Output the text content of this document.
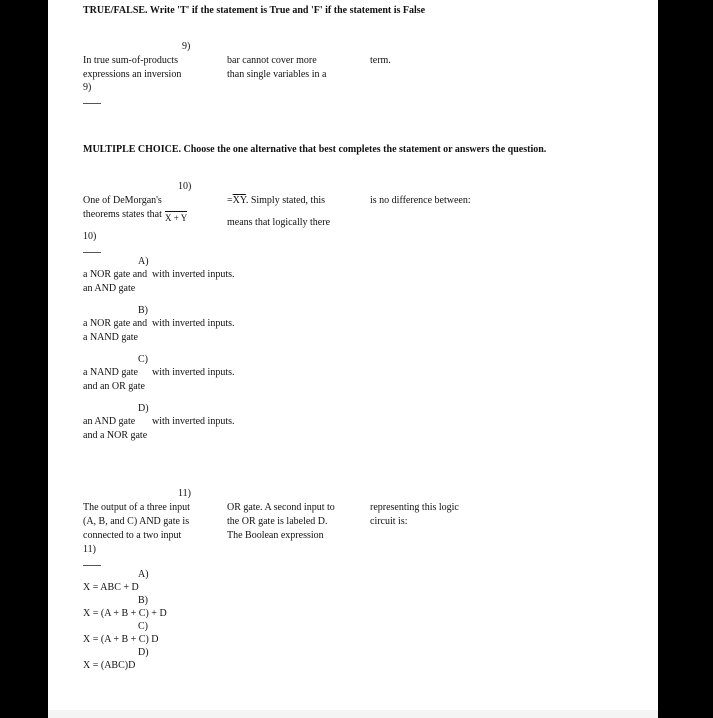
TRUE/FALSE. Write 'T' if the statement is True and 'F' if the statement is False
9)
In true sum-of-products
expressions an inversion
9)
bar cannot cover more
than single variables in a
term.
MULTIPLE CHOICE. Choose the one alternative that best completes the statement or answers the question.
10)
One of DeMorgan's
theorems states that X + Y
$=\overline{X}\overline{Y}$. Simply stated, this
means that logically there
is no difference between:
10)
A)
a NOR gate and
an AND gate
with inverted inputs.
B)
a NOR gate and
a NAND gate
with inverted inputs.
C)
a NAND gate
and an OR gate
with inverted inputs.
D)
an AND gate
and a NOR gate
with inverted inputs.
11)
The output of a three input
(A, B, and C) AND gate is
connected to a two input
11)
OR gate. A second input to
the OR gate is labeled D.
The Boolean expression
representing this logic
circuit is:
A)
X = ABC + D
B)
X = (A + B + C) + D
C)
X = (A + B + C) D
D)
X = (ABC)D
